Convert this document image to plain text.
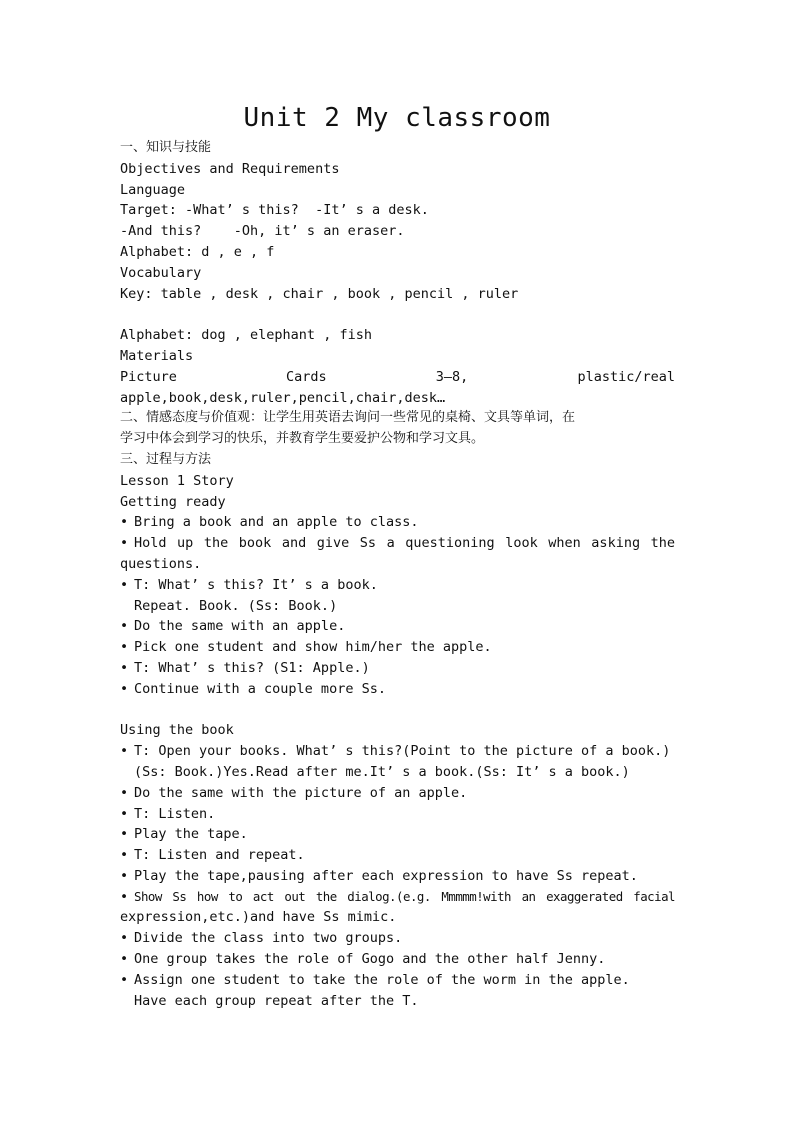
Unit 2 My classroom
一、知识与技能
Objectives and Requirements
Language
Target: -What’ s this?  -It’ s a desk.
-And this?    -Oh, it’ s an eraser.
Alphabet: d , e , f
Vocabulary
Key: table , desk , chair , book , pencil , ruler
Alphabet: dog , elephant , fish
Materials
Picture	Cards	3—8,	plastic/real
apple,book,desk,ruler,pencil,chair,desk…
二、情感态度与价值观：让学生用英语去询问一些常见的桌椅、文具等单词，在
学习中体会到学习的快乐，并教育学生要爱护公物和学习文具。
三、过程与方法
Lesson 1 Story
Getting ready
• Bring a book and an apple to class.
• Hold up the book and give Ss a questioning look when asking the
questions.
• T: What’ s this? It’ s a book.
Repeat. Book. (Ss: Book.)
• Do the same with an apple.
• Pick one student and show him/her the apple.
• T: What’ s this? (S1: Apple.)
• Continue with a couple more Ss.
Using the book
• T: Open your books. What’ s this?(Point to the picture of a book.)
(Ss: Book.)Yes.Read after me.It’ s a book.(Ss: It’ s a book.)
• Do the same with the picture of an apple.
• T: Listen.
• Play the tape.
• T: Listen and repeat.
• Play the tape,pausing after each expression to have Ss repeat.
• Show Ss how to act out the dialog.(e.g. Mmmmm!with an exaggerated facial
expression,etc.)and have Ss mimic.
• Divide the class into two groups.
• One group takes the role of Gogo and the other half Jenny.
• Assign one student to take the role of the worm in the apple.
Have each group repeat after the T.
